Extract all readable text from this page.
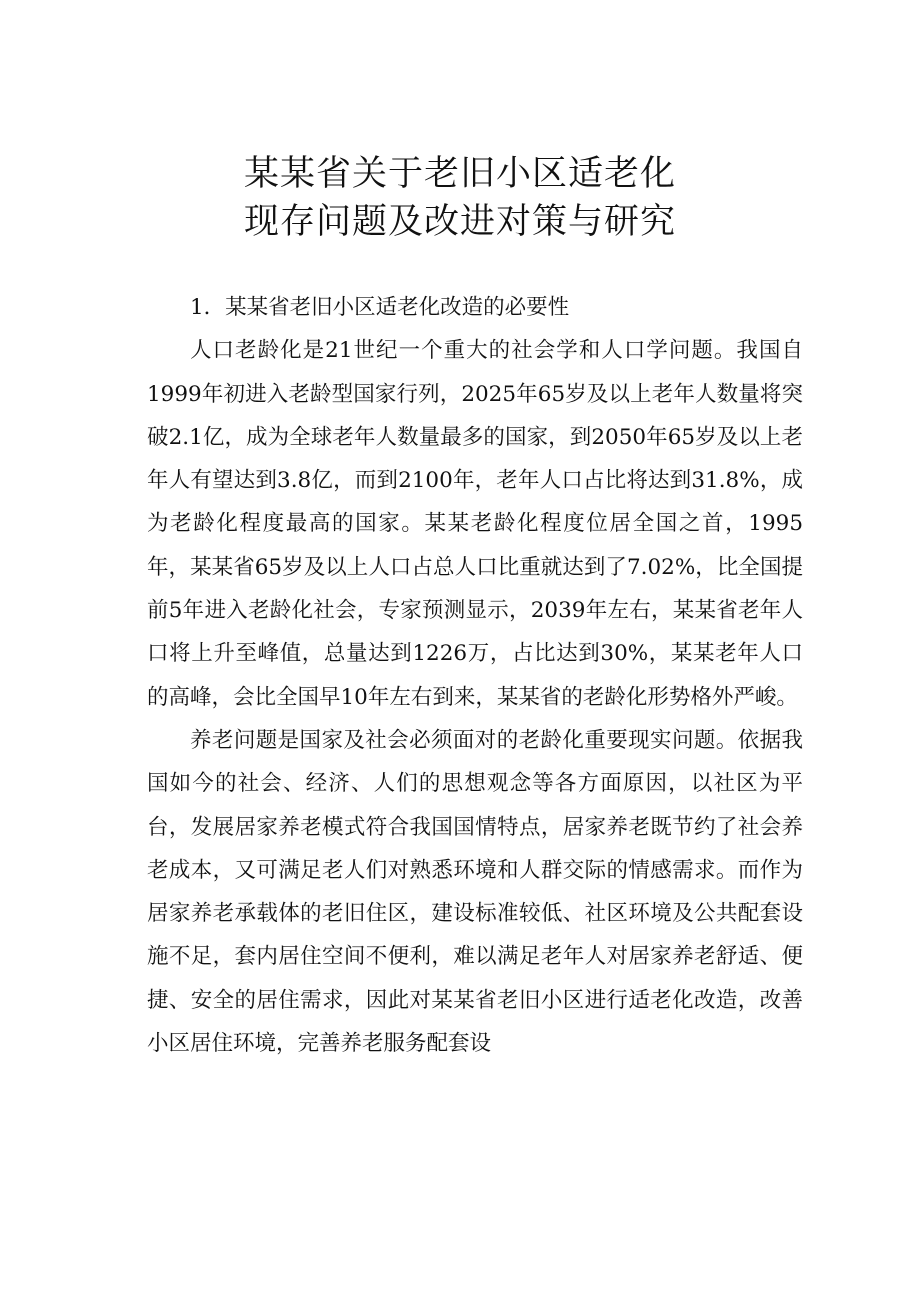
某某省关于老旧小区适老化
现存问题及改进对策与研究

1．某某省老旧小区适老化改造的必要性

人口老龄化是21世纪一个重大的社会学和人口学问题。我国自1999年初进入老龄型国家行列，2025年65岁及以上老年人数量将突破2.1亿，成为全球老年人数量最多的国家，到2050年65岁及以上老年人有望达到3.8亿，而到2100年，老年人口占比将达到31.8%，成为老龄化程度最高的国家。某某老龄化程度位居全国之首，1995年，某某省65岁及以上人口占总人口比重就达到了7.02%，比全国提前5年进入老龄化社会，专家预测显示，2039年左右，某某省老年人口将上升至峰值，总量达到1226万，占比达到30%，某某老年人口的高峰，会比全国早10年左右到来，某某省的老龄化形势格外严峻。

养老问题是国家及社会必须面对的老龄化重要现实问题。依据我国如今的社会、经济、人们的思想观念等各方面原因，以社区为平台，发展居家养老模式符合我国国情特点，居家养老既节约了社会养老成本，又可满足老人们对熟悉环境和人群交际的情感需求。而作为居家养老承载体的老旧住区，建设标准较低、社区环境及公共配套设施不足，套内居住空间不便利，难以满足老年人对居家养老舒适、便捷、安全的居住需求，因此对某某省老旧小区进行适老化改造，改善小区居住环境，完善养老服务配套设
